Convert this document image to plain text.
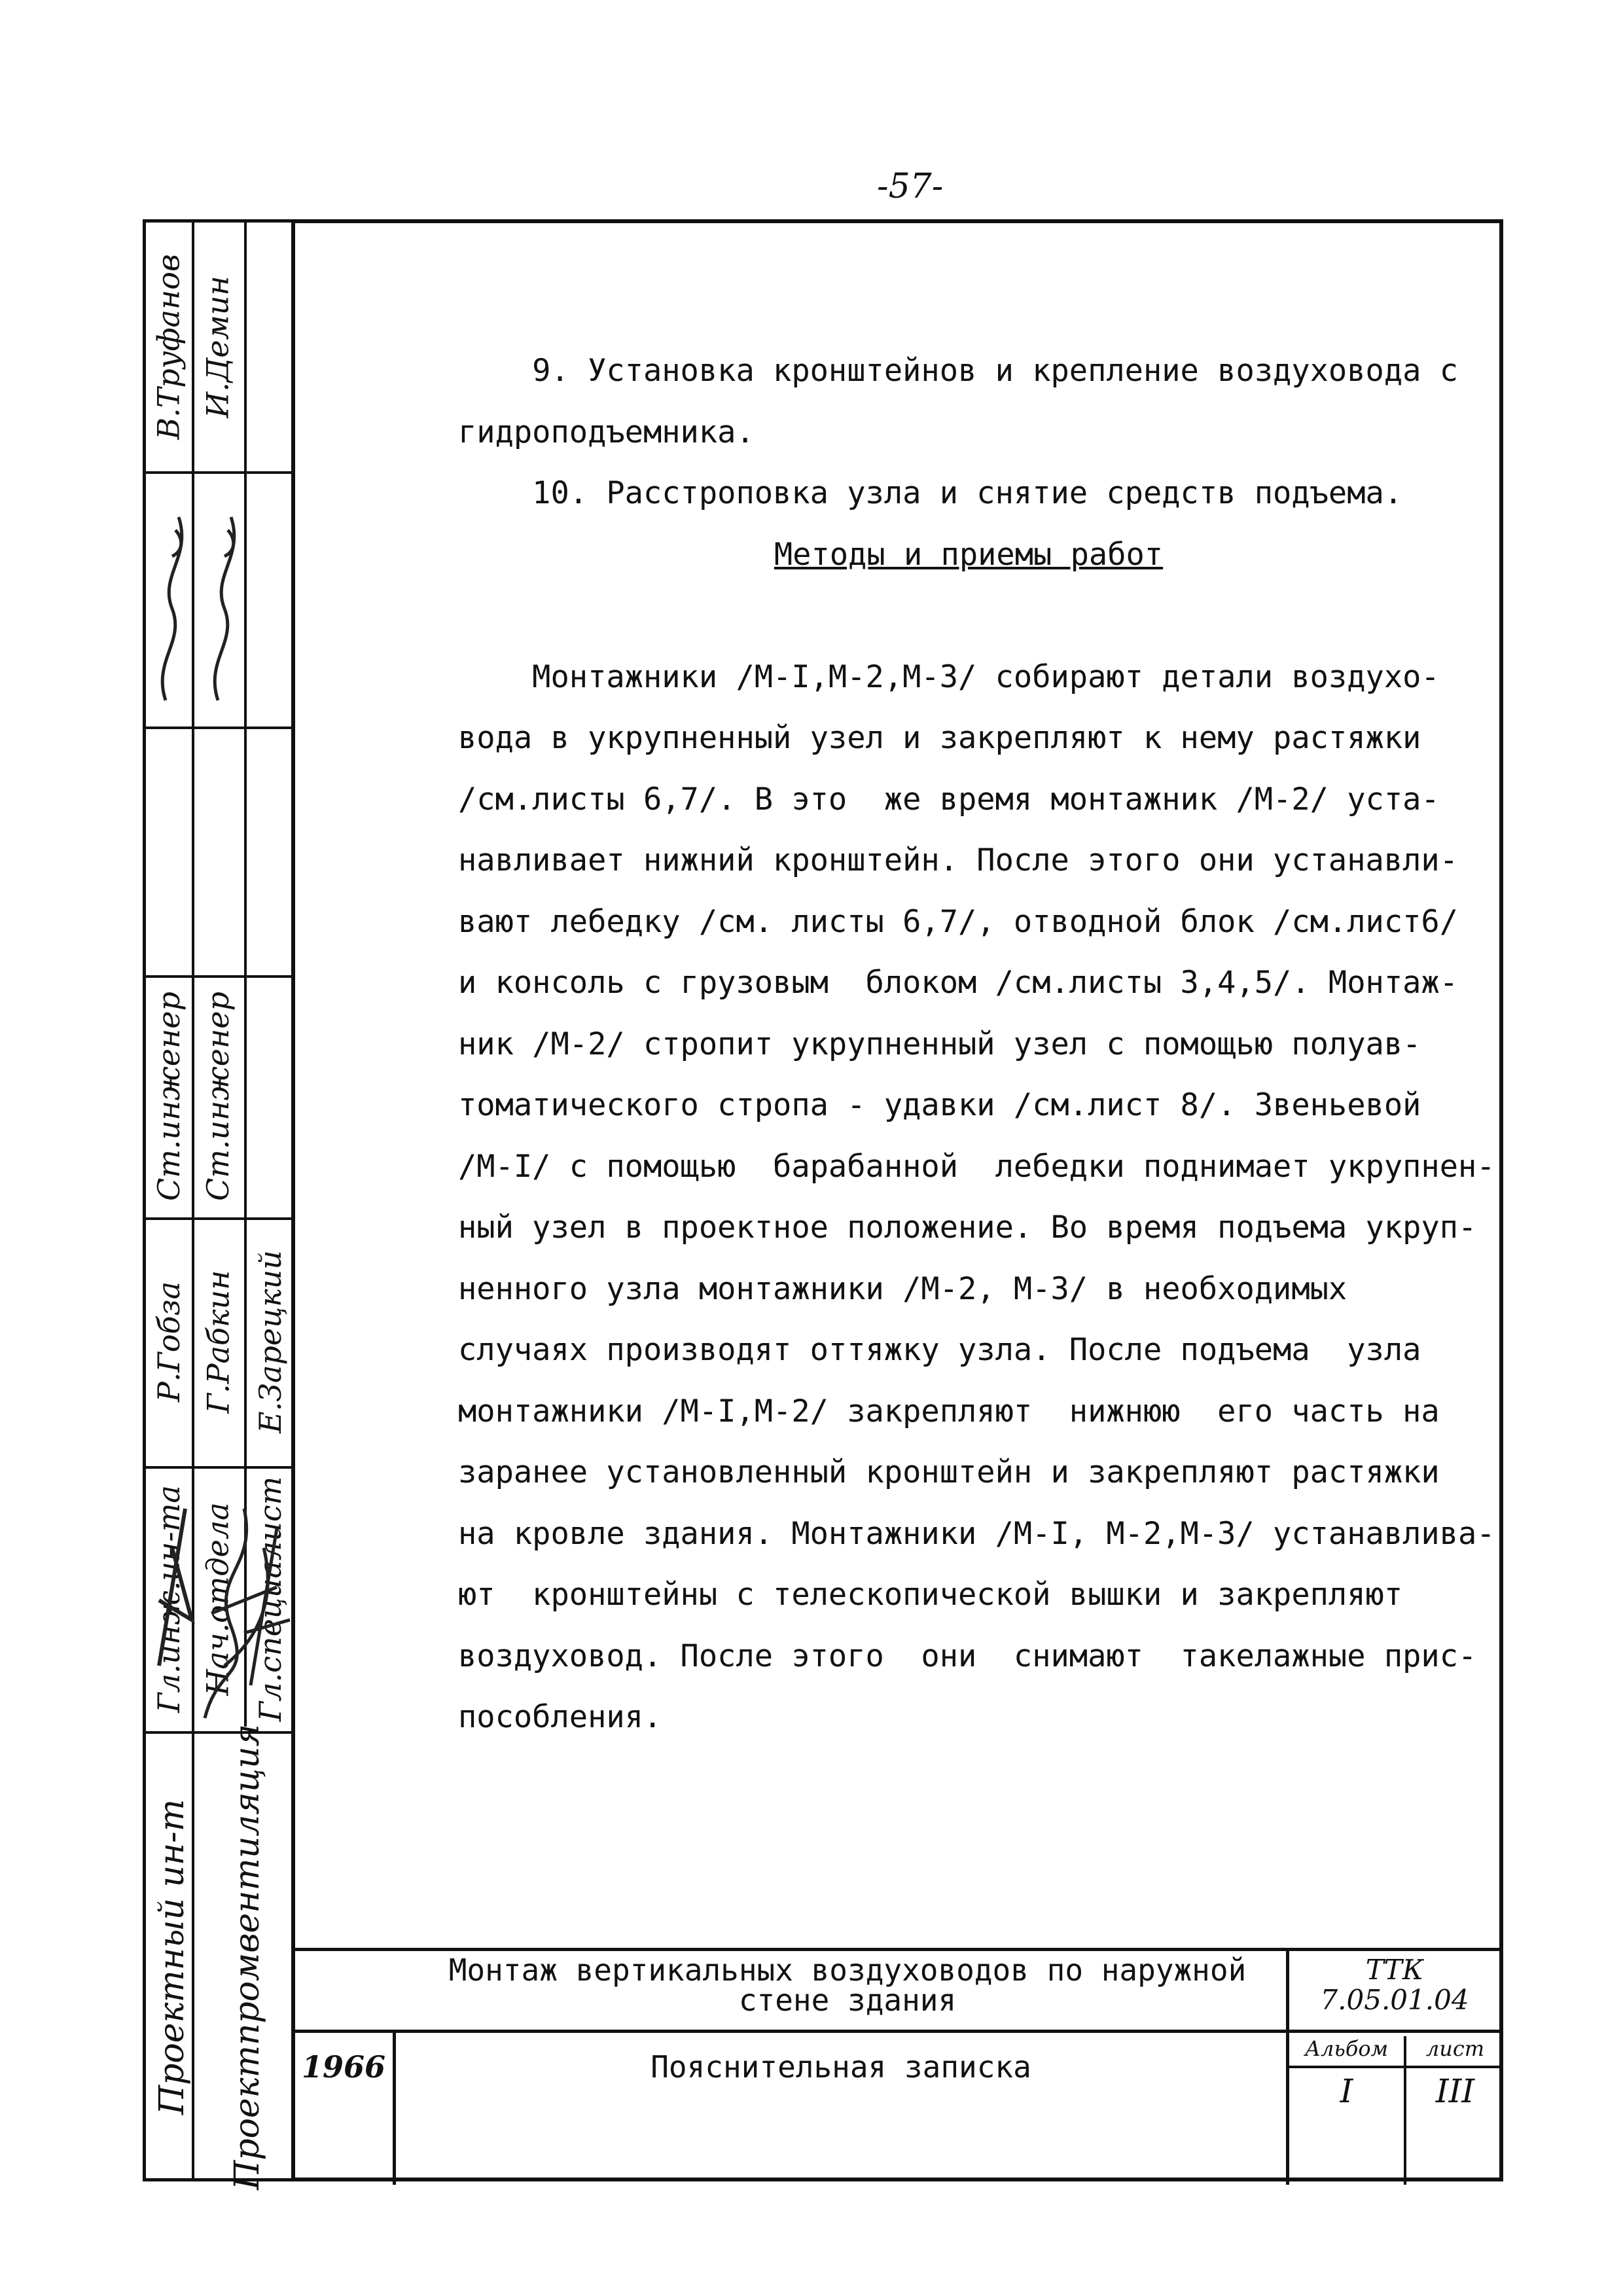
-57-
В.Труфанов
Ст.инженер
Р.Гобза
Гл.инж.ин-та
И.Демин
Ст.инженер
Г.Рабкин
Нач.отдела
Е.Зарецкий
Гл.специалист
Проектный ин-т Проектпромвентиляция
9. Установка кронштейнов и крепление воздуховода с
гидроподъемника.
10. Расстроповка узла и снятие средств подъема.
Методы и приемы работ

Монтажники /М-I,М-2,М-3/ собирают детали воздухо-
вода в укрупненный узел и закрепляют к нему растяжки
/см.листы 6,7/. В это  же время монтажник /М-2/ уста-
навливает нижний кронштейн. После этого они устанавли-
вают лебедку /см. листы 6,7/, отводной блок /см.лист6/
и консоль с грузовым  блоком /см.листы 3,4,5/. Монтаж-
ник /М-2/ стропит укрупненный узел с помощью полуав-
томатического стропа - удавки /см.лист 8/. Звеньевой
/М-I/ с помощью  барабанной  лебедки поднимает укрупнен-
ный узел в проектное положение. Во время подъема укруп-
ненного узла монтажники /М-2, М-3/ в необходимых
случаях производят оттяжку узла. После подъема  узла
монтажники /М-I,М-2/ закрепляют  нижнюю  его часть на
заранее установленный кронштейн и закрепляют растяжки
на кровле здания. Монтажники /М-I, М-2,М-3/ устанавлива-
ют  кронштейны с телескопической вышки и закрепляют
воздуховод. После этого  они  снимают  такелажные прис-
пособления.
Монтаж вертикальных воздуховодов по наружной
стене здания
ТТК
7.05.01.04
1966	Пояснительная записка
Альбом
I
лист
III
